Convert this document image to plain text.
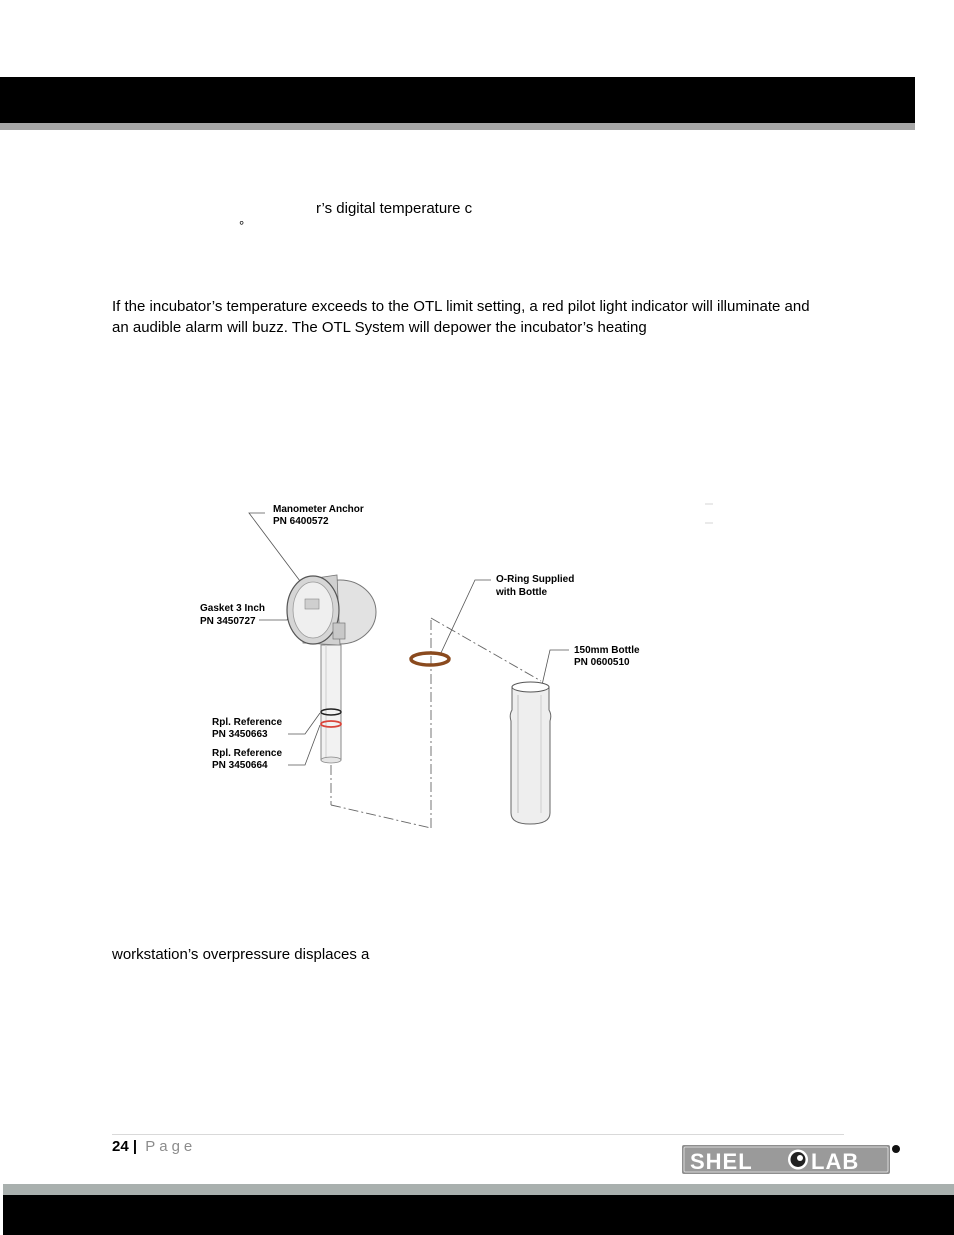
r’s digital temperature c
°
If the incubator’s temperature exceeds to the OTL limit setting, a red pilot light indicator will illuminate and an audible alarm will buzz. The OTL System will depower the incubator’s heating
Manometer Anchor
PN 6400572
Gasket 3 Inch
PN 3450727
O-Ring Supplied
with Bottle
150mm Bottle
PN 0600510
Rpl. Reference
PN 3450663
Rpl. Reference
PN 3450664
workstation’s overpressure displaces a
24 | Page
SHEL	LAB
